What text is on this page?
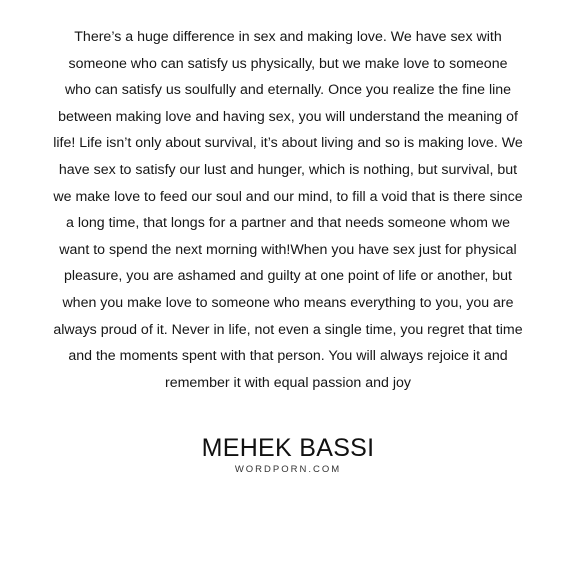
There’s a huge difference in sex and making love. We have sex with
someone who can satisfy us physically, but we make love to someone
who can satisfy us soulfully and eternally. Once you realize the fine line
between making love and having sex, you will understand the meaning of
life! Life isn’t only about survival, it’s about living and so is making love. We
have sex to satisfy our lust and hunger, which is nothing, but survival, but
we make love to feed our soul and our mind, to fill a void that is there since
a long time, that longs for a partner and that needs someone whom we
want to spend the next morning with!When you have sex just for physical
pleasure, you are ashamed and guilty at one point of life or another, but
when you make love to someone who means everything to you, you are
always proud of it. Never in life, not even a single time, you regret that time
and the moments spent with that person. You will always rejoice it and
remember it with equal passion and joy
MEHEK BASSI
WORDPORN.COM
